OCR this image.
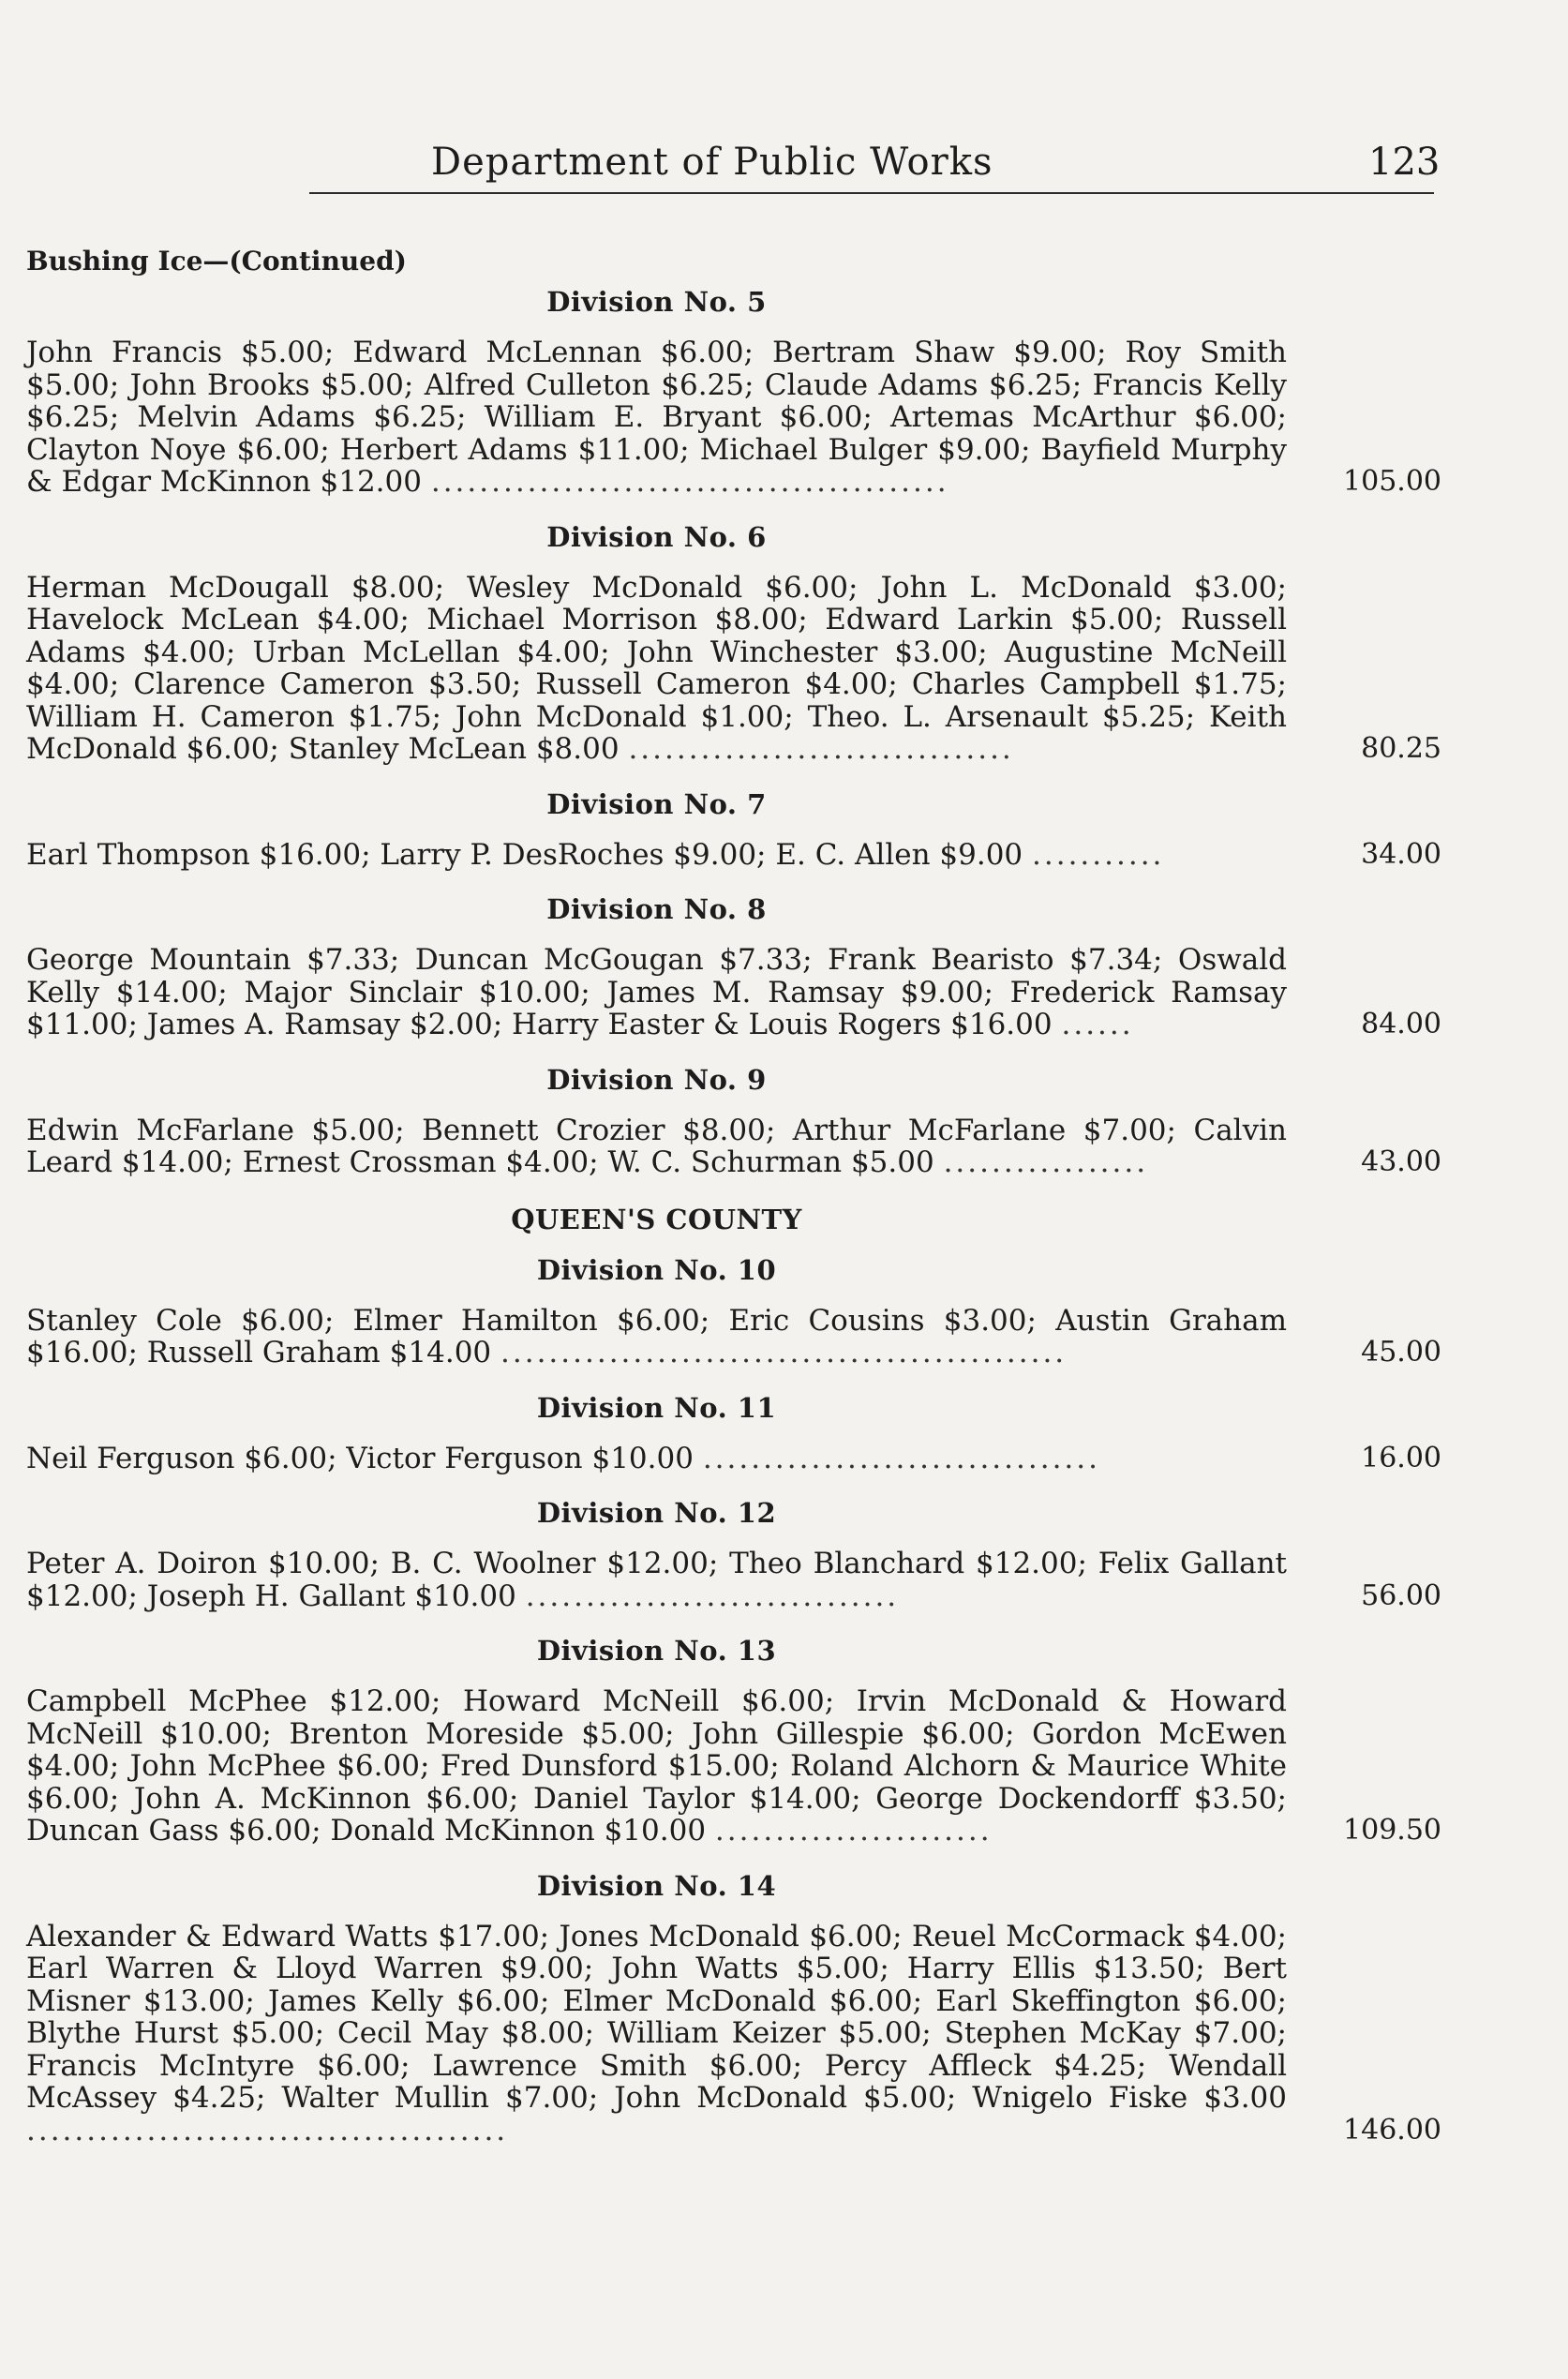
Department of Public Works	123
Bushing Ice—(Continued)
Division No. 5
John Francis $5.00; Edward McLennan $6.00; Bertram Shaw $9.00; Roy Smith $5.00; John Brooks $5.00; Alfred Culleton $6.25; Claude Adams $6.25; Francis Kelly $6.25; Melvin Adams $6.25; William E. Bryant $6.00; Artemas McArthur $6.00; Clayton Noye $6.00; Herbert Adams $11.00; Michael Bulger $9.00; Bayfield Murphy & Edgar McKinnon $12.00 ...........................................	105.00
Division No. 6
Herman McDougall $8.00; Wesley McDonald $6.00; John L. McDonald $3.00; Havelock McLean $4.00; Michael Morrison $8.00; Edward Larkin $5.00; Russell Adams $4.00; Urban McLellan $4.00; John Winchester $3.00; Augustine McNeill $4.00; Clarence Cameron $3.50; Russell Cameron $4.00; Charles Campbell $1.75; William H. Cameron $1.75; John McDonald $1.00; Theo. L. Arsenault $5.25; Keith McDonald $6.00; Stanley McLean $8.00 ................................	80.25
Division No. 7
Earl Thompson $16.00; Larry P. DesRoches $9.00; E. C. Allen $9.00 ...........	34.00
Division No. 8
George Mountain $7.33; Duncan McGougan $7.33; Frank Bearisto $7.34; Oswald Kelly $14.00; Major Sinclair $10.00; James M. Ramsay $9.00; Frederick Ramsay $11.00; James A. Ramsay $2.00; Harry Easter & Louis Rogers $16.00 ......	84.00
Division No. 9
Edwin McFarlane $5.00; Bennett Crozier $8.00; Arthur McFarlane $7.00; Calvin Leard $14.00; Ernest Crossman $4.00; W. C. Schurman $5.00 .................	43.00
QUEEN'S COUNTY
Division No. 10
Stanley Cole $6.00; Elmer Hamilton $6.00; Eric Cousins $3.00; Austin Graham $16.00; Russell Graham $14.00 ...............................................	45.00
Division No. 11
Neil Ferguson $6.00; Victor Ferguson $10.00 .................................	16.00
Division No. 12
Peter A. Doiron $10.00; B. C. Woolner $12.00; Theo Blanchard $12.00; Felix Gallant $12.00; Joseph H. Gallant $10.00 ...............................	56.00
Division No. 13
Campbell McPhee $12.00; Howard McNeill $6.00; Irvin McDonald & Howard McNeill $10.00; Brenton Moreside $5.00; John Gillespie $6.00; Gordon McEwen $4.00; John McPhee $6.00; Fred Dunsford $15.00; Roland Alchorn & Maurice White $6.00; John A. McKinnon $6.00; Daniel Taylor $14.00; George Dockendorff $3.50; Duncan Gass $6.00; Donald McKinnon $10.00 .......................	109.50
Division No. 14
Alexander & Edward Watts $17.00; Jones McDonald $6.00; Reuel McCormack $4.00; Earl Warren & Lloyd Warren $9.00; John Watts $5.00; Harry Ellis $13.50; Bert Misner $13.00; James Kelly $6.00; Elmer McDonald $6.00; Earl Skeffington $6.00; Blythe Hurst $5.00; Cecil May $8.00; William Keizer $5.00; Stephen McKay $7.00; Francis McIntyre $6.00; Lawrence Smith $6.00; Percy Affleck $4.25; Wendall McAssey $4.25; Walter Mullin $7.00; John McDonald $5.00; Wnigelo Fiske $3.00 ........................................	146.00
